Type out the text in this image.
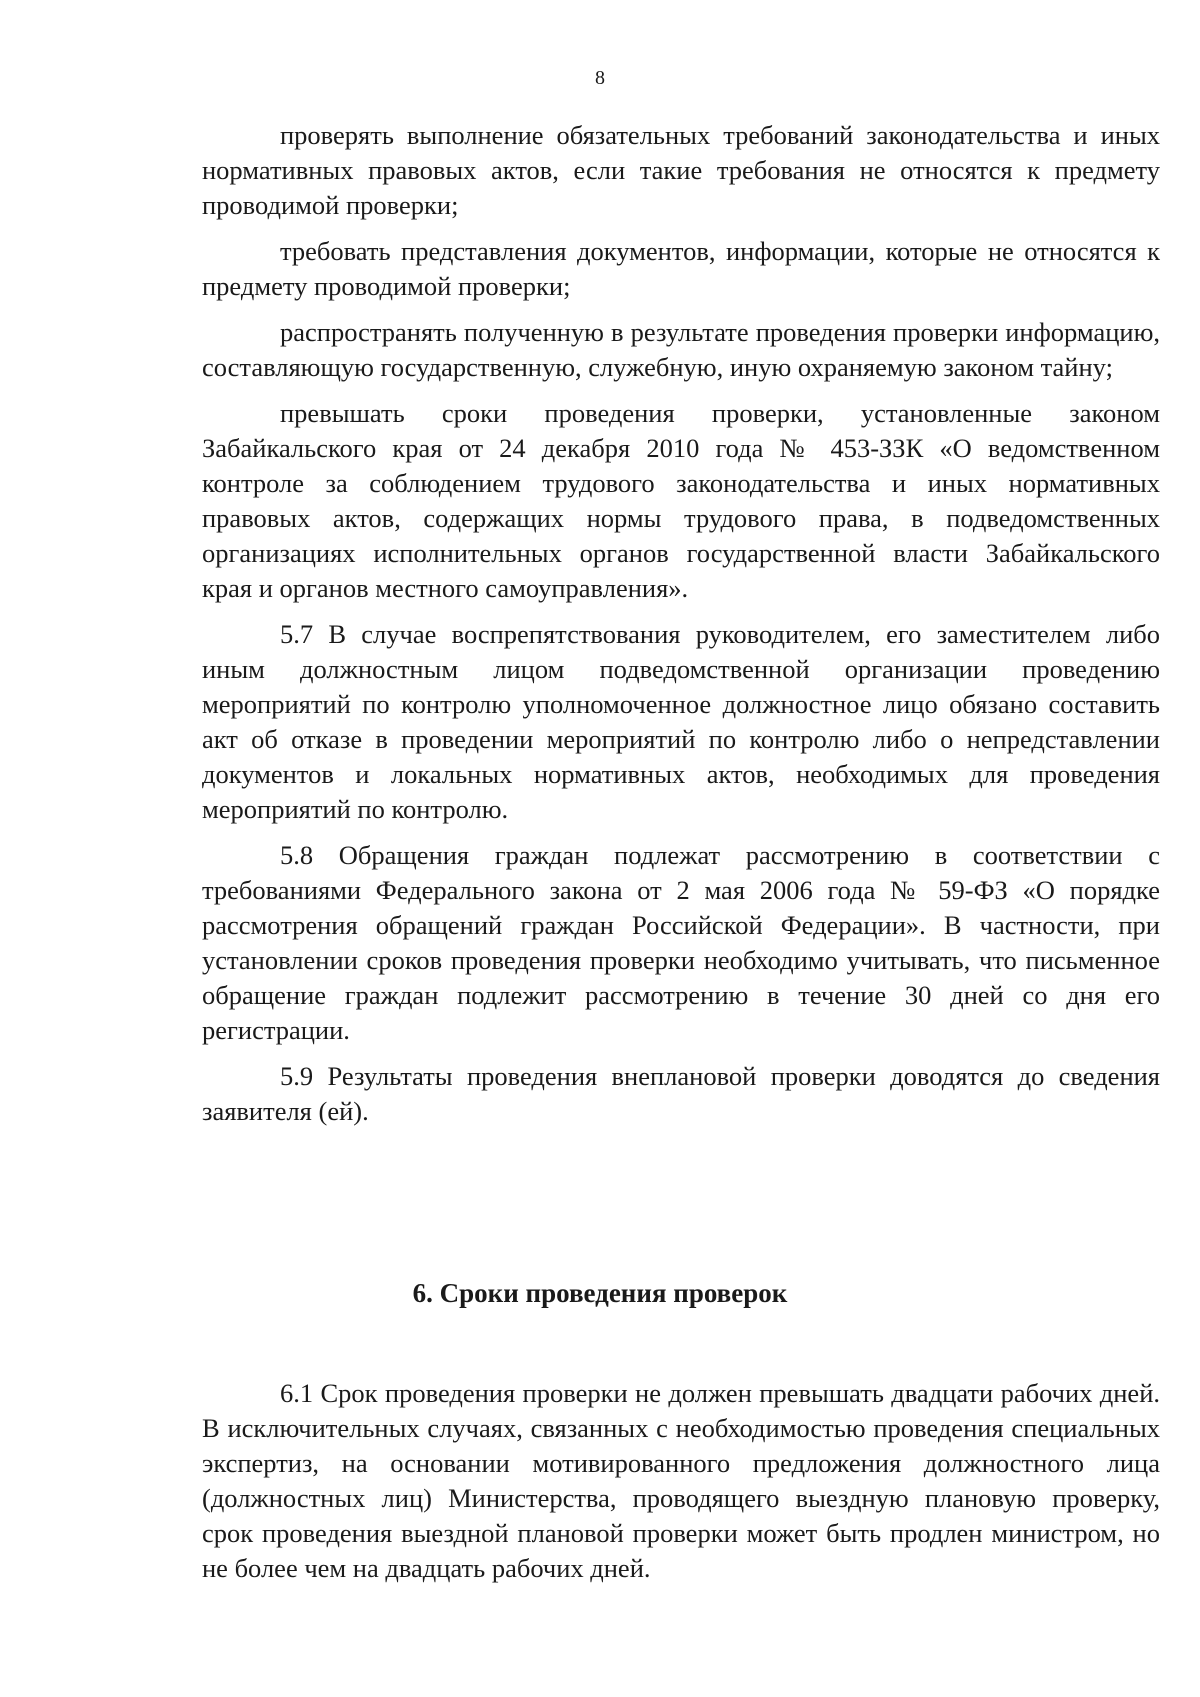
8

проверять выполнение обязательных требований законодательства и иных нормативных правовых актов, если такие требования не относятся к предмету проводимой проверки;

требовать представления документов, информации, которые не относятся к предмету проводимой проверки;

распространять полученную в результате проведения проверки информацию, составляющую государственную, служебную, иную охраняемую законом тайну;

превышать сроки проведения проверки, установленные законом Забайкальского края от 24 декабря 2010 года № 453-ЗЗК «О ведомственном контроле за соблюдением трудового законодательства и иных нормативных правовых актов, содержащих нормы трудового права, в подведомственных организациях исполнительных органов государственной власти Забайкальского края и органов местного самоуправления».

5.7 В случае воспрепятствования руководителем, его заместителем либо иным должностным лицом подведомственной организации проведению мероприятий по контролю уполномоченное должностное лицо обязано составить акт об отказе в проведении мероприятий по контролю либо о непредставлении документов и локальных нормативных актов, необходимых для проведения мероприятий по контролю.

5.8 Обращения граждан подлежат рассмотрению в соответствии с требованиями Федерального закона от 2 мая 2006 года № 59-ФЗ «О порядке рассмотрения обращений граждан Российской Федерации». В частности, при установлении сроков проведения проверки необходимо учитывать, что письменное обращение граждан подлежит рассмотрению в течение 30 дней со дня его регистрации.

5.9 Результаты проведения внеплановой проверки доводятся до сведения заявителя (ей).

6. Сроки проведения проверок

6.1 Срок проведения проверки не должен превышать двадцати рабочих дней. В исключительных случаях, связанных с необходимостью проведения специальных экспертиз, на основании мотивированного предложения должностного лица (должностных лиц) Министерства, проводящего выездную плановую проверку, срок проведения выездной плановой проверки может быть продлен министром, но не более чем на двадцать рабочих дней.
